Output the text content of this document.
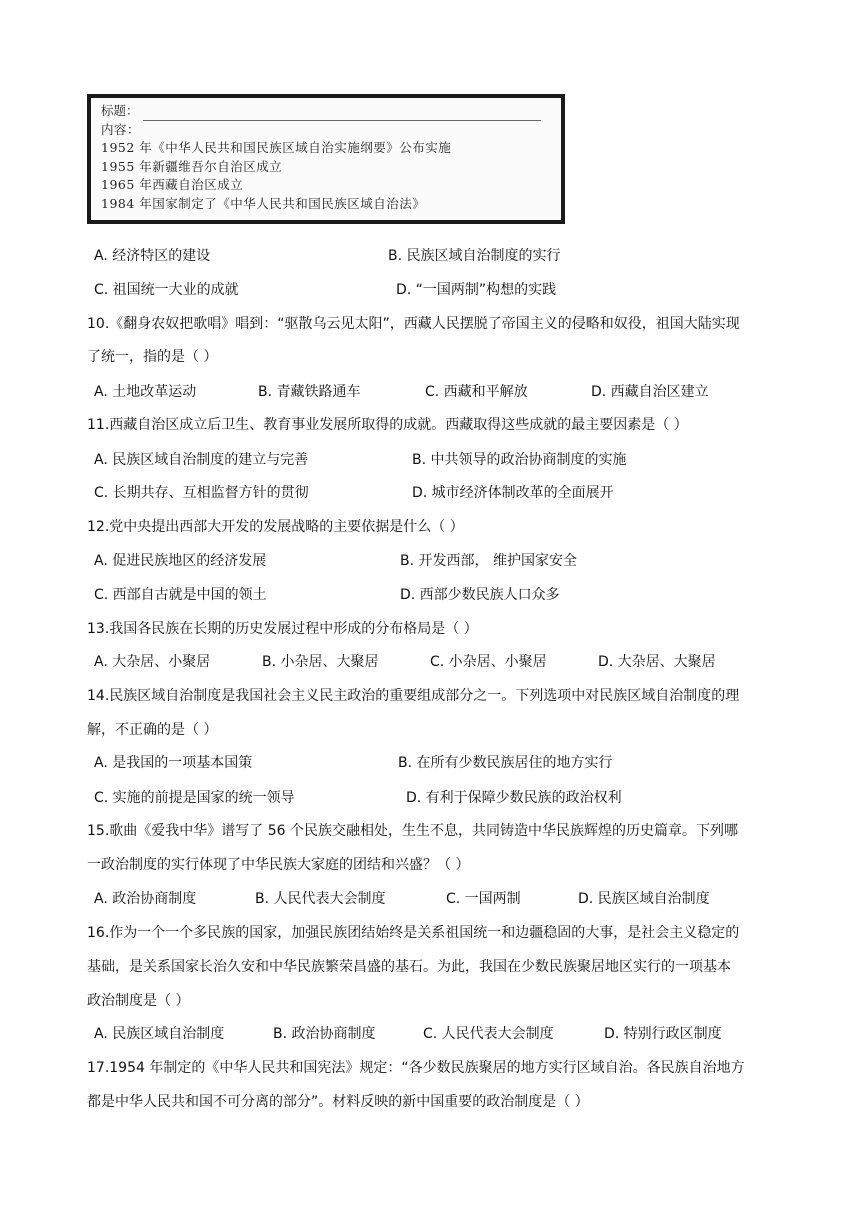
标题：
内容：
1952 年《中华人民共和国民族区域自治实施纲要》公布实施
1955 年新疆维吾尔自治区成立
1965 年西藏自治区成立
1984 年国家制定了《中华人民共和国民族区域自治法》
A. 经济特区的建设	B. 民族区域自治制度的实行
C. 祖国统一大业的成就	D. “一国两制”构想的实践
10.《翻身农奴把歌唱》唱到：“驱散乌云见太阳”，西藏人民摆脱了帝国主义的侵略和奴役，祖国大陆实现
了统一，指的是（ ）
A. 土地改革运动	B. 青藏铁路通车	C. 西藏和平解放	D. 西藏自治区建立
11.西藏自治区成立后卫生、教育事业发展所取得的成就。西藏取得这些成就的最主要因素是（ ）
A. 民族区域自治制度的建立与完善	B. 中共领导的政治协商制度的实施
C. 长期共存、互相监督方针的贯彻	D. 城市经济体制改革的全面展开
12.党中央提出西部大开发的发展战略的主要依据是什么（ ）
A. 促进民族地区的经济发展	B. 开发西部， 维护国家安全
C. 西部自古就是中国的领土	D. 西部少数民族人口众多
13.我国各民族在长期的历史发展过程中形成的分布格局是（ ）
A. 大杂居、小聚居	B. 小杂居、大聚居	C. 小杂居、小聚居	D. 大杂居、大聚居
14.民族区域自治制度是我国社会主义民主政治的重要组成部分之一。下列选项中对民族区域自治制度的理
解，不正确的是（ ）
A. 是我国的一项基本国策	B. 在所有少数民族居住的地方实行
C. 实施的前提是国家的统一领导	D. 有利于保障少数民族的政治权利
15.歌曲《爱我中华》谱写了 56 个民族交融相处，生生不息，共同铸造中华民族辉煌的历史篇章。下列哪
一政治制度的实行体现了中华民族大家庭的团结和兴盛？（ ）
A. 政治协商制度	B. 人民代表大会制度	C. 一国两制	D. 民族区域自治制度
16.作为一个一个多民族的国家，加强民族团结始终是关系祖国统一和边疆稳固的大事，是社会主义稳定的
基础，是关系国家长治久安和中华民族繁荣昌盛的基石。为此，我国在少数民族聚居地区实行的一项基本
政治制度是（ ）
A. 民族区域自治制度	B. 政治协商制度	C. 人民代表大会制度	D. 特别行政区制度
17.1954 年制定的《中华人民共和国宪法》规定：“各少数民族聚居的地方实行区域自治。各民族自治地方
都是中华人民共和国不可分离的部分”。材料反映的新中国重要的政治制度是（ ）
